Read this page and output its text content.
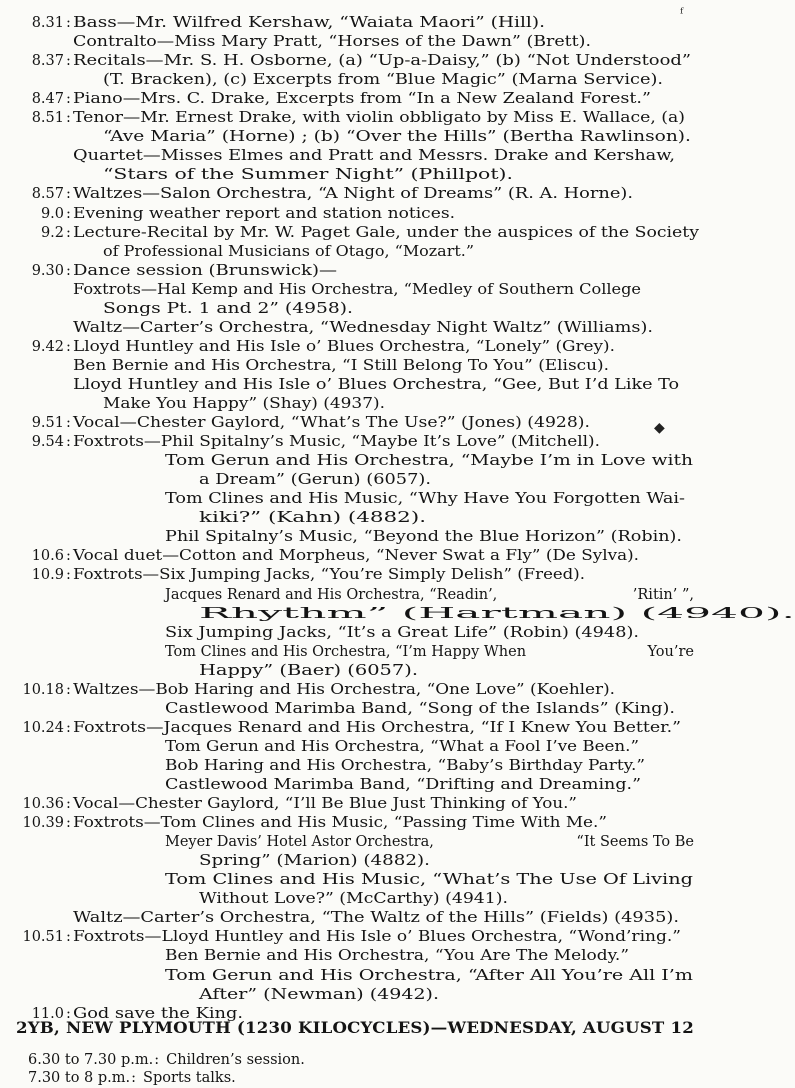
8.31 : Bass—Mr. Wilfred Kershaw, “Waiata Maori” (Hill).
Contralto—Miss Mary Pratt, “Horses of the Dawn” (Brett).
8.37 : Recitals—Mr. S. H. Osborne, (a) “Up-a-Daisy,” (b) “Not Understood”
(T. Bracken), (c) Excerpts from “Blue Magic” (Marna Service).
8.47 : Piano—Mrs. C. Drake, Excerpts from “In a New Zealand Forest.”
8.51 : Tenor—Mr. Ernest Drake, with violin obbligato by Miss E. Wallace, (a)
“Ave Maria” (Horne) ; (b) “Over the Hills” (Bertha Rawlinson).
Quartet—Misses Elmes and Pratt and Messrs. Drake and Kershaw,
“Stars of the Summer Night” (Phillpot).
8.57 : Waltzes—Salon Orchestra, “A Night of Dreams” (R. A. Horne).
9.0 : Evening weather report and station notices.
9.2 : Lecture-Recital by Mr. W. Paget Gale, under the auspices of the Society
of Professional Musicians of Otago, “Mozart.”
9.30 : Dance session (Brunswick)—
Foxtrots—Hal Kemp and His Orchestra, “Medley of Southern College
Songs Pt. 1 and 2” (4958).
Waltz—Carter’s Orchestra, “Wednesday Night Waltz” (Williams).
9.42 : Lloyd Huntley and His Isle o’ Blues Orchestra, “Lonely” (Grey).
Ben Bernie and His Orchestra, “I Still Belong To You” (Eliscu).
Lloyd Huntley and His Isle o’ Blues Orchestra, “Gee, But I’d Like To
Make You Happy” (Shay) (4937).
9.51 : Vocal—Chester Gaylord, “What’s The Use?” (Jones) (4928).
9.54 : Foxtrots—Phil Spitalny’s Music, “Maybe It’s Love” (Mitchell).
Tom Gerun and His Orchestra, “Maybe I’m in Love with
a Dream” (Gerun) (6057).
Tom Clines and His Music, “Why Have You Forgotten Wai-
kiki?” (Kahn) (4882).
Phil Spitalny’s Music, “Beyond the Blue Horizon” (Robin).
10.6 : Vocal duet—Cotton and Morpheus, “Never Swat a Fly” (De Sylva).
10.9 : Foxtrots—Six Jumping Jacks, “You’re Simply Delish” (Freed).
Jacques Renard and His Orchestra, “Readin’,	’Ritin’ ”,
Rhythm” (Hartman) (4940).
Six Jumping Jacks, “It’s a Great Life” (Robin) (4948).
Tom Clines and His Orchestra, “I’m Happy When	You’re
Happy” (Baer) (6057).
10.18 : Waltzes—Bob Haring and His Orchestra, “One Love” (Koehler).
Castlewood Marimba Band, “Song of the Islands” (King).
10.24 : Foxtrots—Jacques Renard and His Orchestra, “If I Knew You Better.”
Tom Gerun and His Orchestra, “What a Fool I’ve Been.”
Bob Haring and His Orchestra, “Baby’s Birthday Party.”
Castlewood Marimba Band, “Drifting and Dreaming.”
10.36 : Vocal—Chester Gaylord, “I’ll Be Blue Just Thinking of You.”
10.39 : Foxtrots—Tom Clines and His Music, “Passing Time With Me.”
Meyer Davis’ Hotel Astor Orchestra,	“It Seems To Be
Spring” (Marion) (4882).
Tom Clines and His Music, “What’s The Use Of Living
Without Love?” (McCarthy) (4941).
Waltz—Carter’s Orchestra, “The Waltz of the Hills” (Fields) (4935).
10.51 : Foxtrots—Lloyd Huntley and His Isle o’ Blues Orchestra, “Wond’ring.”
Ben Bernie and His Orchestra, “You Are The Melody.”
Tom Gerun and His Orchestra, “After All You’re All I’m
After” (Newman) (4942).
11.0 : God save the King.
2YB, NEW PLYMOUTH (1230 KILOCYCLES)—WEDNESDAY, AUGUST 12
6.30 to 7.30 p.m. : Children’s session.
7.30 to 8 p.m. : Sports talks.
ᶠ
◆
